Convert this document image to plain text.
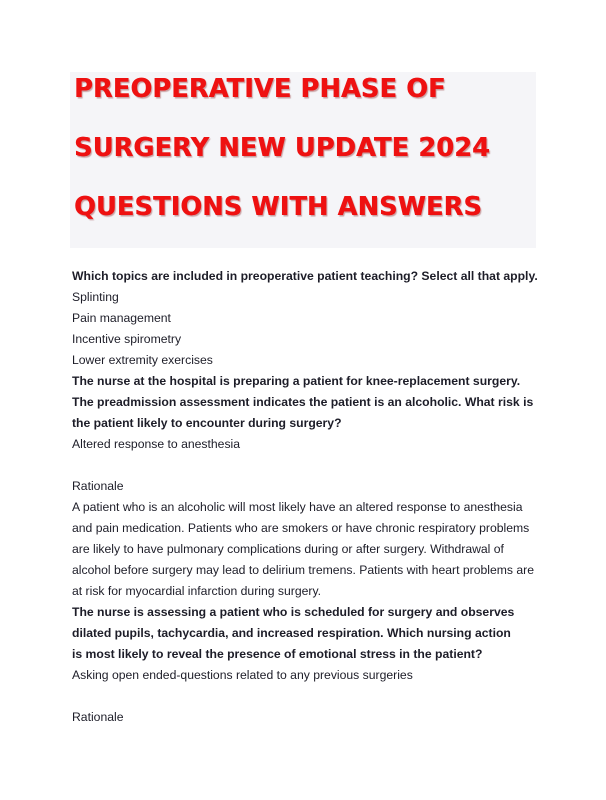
PREOPERATIVE PHASE OF
SURGERY NEW UPDATE 2024
QUESTIONS WITH ANSWERS

Which topics are included in preoperative patient teaching? Select all that apply.

Splinting

Pain management

Incentive spirometry

Lower extremity exercises

The nurse at the hospital is preparing a patient for knee-replacement surgery. The preadmission assessment indicates the patient is an alcoholic. What risk is the patient likely to encounter during surgery?

Altered response to anesthesia

Rationale

A patient who is an alcoholic will most likely have an altered response to anesthesia and pain medication. Patients who are smokers or have chronic respiratory problems are likely to have pulmonary complications during or after surgery. Withdrawal of alcohol before surgery may lead to delirium tremens. Patients with heart problems are at risk for myocardial infarction during surgery.

The nurse is assessing a patient who is scheduled for surgery and observes

dilated pupils, tachycardia, and increased respiration. Which nursing action

is most likely to reveal the presence of emotional stress in the patient?

Asking open ended-questions related to any previous surgeries

Rationale
